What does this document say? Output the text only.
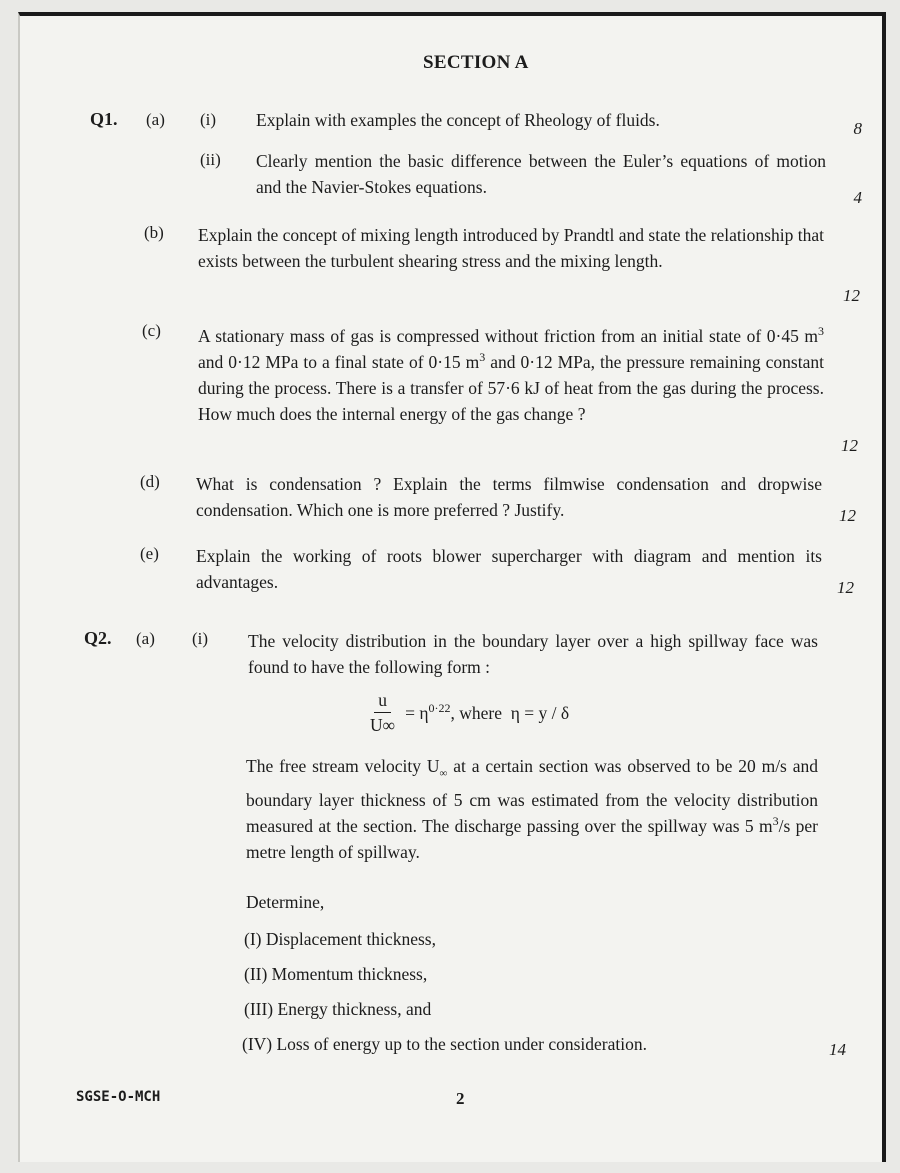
SECTION A
Q1. (a) (i) Explain with examples the concept of Rheology of fluids.	8
(ii) Clearly mention the basic difference between the Euler’s equations of motion and the Navier-Stokes equations.
4
(b) Explain the concept of mixing length introduced by Prandtl and state the relationship that exists between the turbulent shearing stress and the mixing length.
12
(c) A stationary mass of gas is compressed without friction from an initial state of 0·45 $m^3$ and 0·12 MPa to a final state of 0·15 $m^3$ and 0·12 MPa, the pressure remaining constant during the process. There is a transfer of 57·6 kJ of heat from the gas during the process. How much does the internal energy of the gas change ?
12
(d) What is condensation ? Explain the terms filmwise condensation and dropwise condensation. Which one is more preferred ? Justify.	12
(e) Explain the working of roots blower supercharger with diagram and mention its advantages.	12
Q2. (a) (i) The velocity distribution in the boundary layer over a high spillway face was found to have the following form :
$\frac{u}{U\infty} = \eta^{0\cdot 22}$, where  η = y / δ
The free stream velocity $U_\infty$ at a certain section was observed to be 20 m/s and boundary layer thickness of 5 cm was estimated from the velocity distribution measured at the section. The discharge passing over the spillway was 5 $m^3/s$ per metre length of spillway.
Determine,
(I) Displacement thickness,
(II) Momentum thickness,
(III) Energy thickness, and
(IV) Loss of energy up to the section under consideration.	14
SGSE-O-MCH	2
